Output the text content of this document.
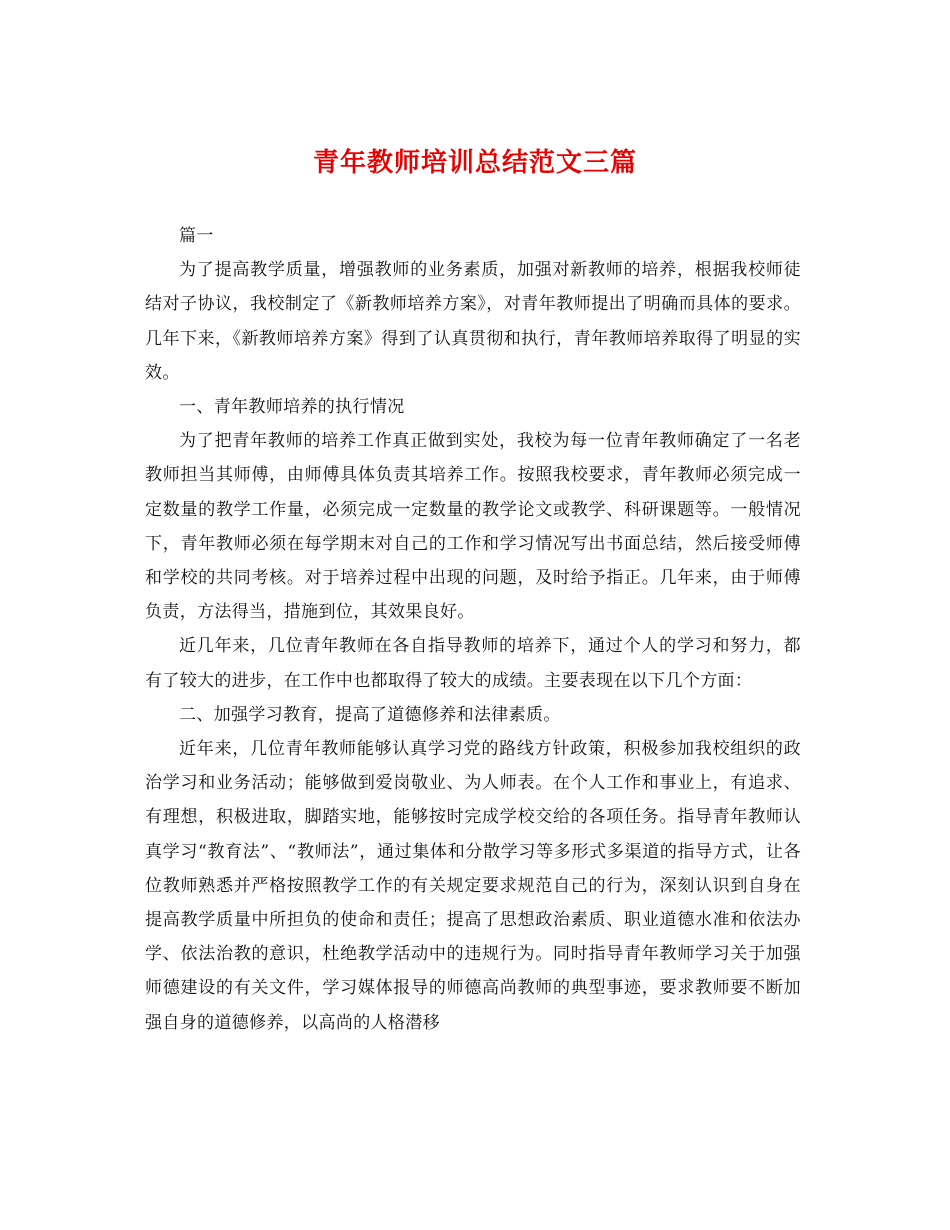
青年教师培训总结范文三篇

篇一

为了提高教学质量，增强教师的业务素质，加强对新教师的培养，根据我校师徒结对子协议，我校制定了《新教师培养方案》，对青年教师提出了明确而具体的要求。几年下来，《新教师培养方案》得到了认真贯彻和执行，青年教师培养取得了明显的实效。

一、青年教师培养的执行情况

为了把青年教师的培养工作真正做到实处，我校为每一位青年教师确定了一名老教师担当其师傅，由师傅具体负责其培养工作。按照我校要求，青年教师必须完成一定数量的教学工作量，必须完成一定数量的教学论文或教学、科研课题等。一般情况下，青年教师必须在每学期末对自己的工作和学习情况写出书面总结，然后接受师傅和学校的共同考核。对于培养过程中出现的问题，及时给予指正。几年来，由于师傅负责，方法得当，措施到位，其效果良好。

近几年来，几位青年教师在各自指导教师的培养下，通过个人的学习和努力，都有了较大的进步，在工作中也都取得了较大的成绩。主要表现在以下几个方面：

二、加强学习教育，提高了道德修养和法律素质。

近年来，几位青年教师能够认真学习党的路线方针政策，积极参加我校组织的政治学习和业务活动；能够做到爱岗敬业、为人师表。在个人工作和事业上，有追求、有理想，积极进取，脚踏实地，能够按时完成学校交给的各项任务。指导青年教师认真学习“教育法”、“教师法”，通过集体和分散学习等多形式多渠道的指导方式，让各位教师熟悉并严格按照教学工作的有关规定要求规范自己的行为，深刻认识到自身在提高教学质量中所担负的使命和责任；提高了思想政治素质、职业道德水准和依法办学、依法治教的意识，杜绝教学活动中的违规行为。同时指导青年教师学习关于加强师德建设的有关文件，学习媒体报导的师德高尚教师的典型事迹，要求教师要不断加强自身的道德修养，以高尚的人格潜移
